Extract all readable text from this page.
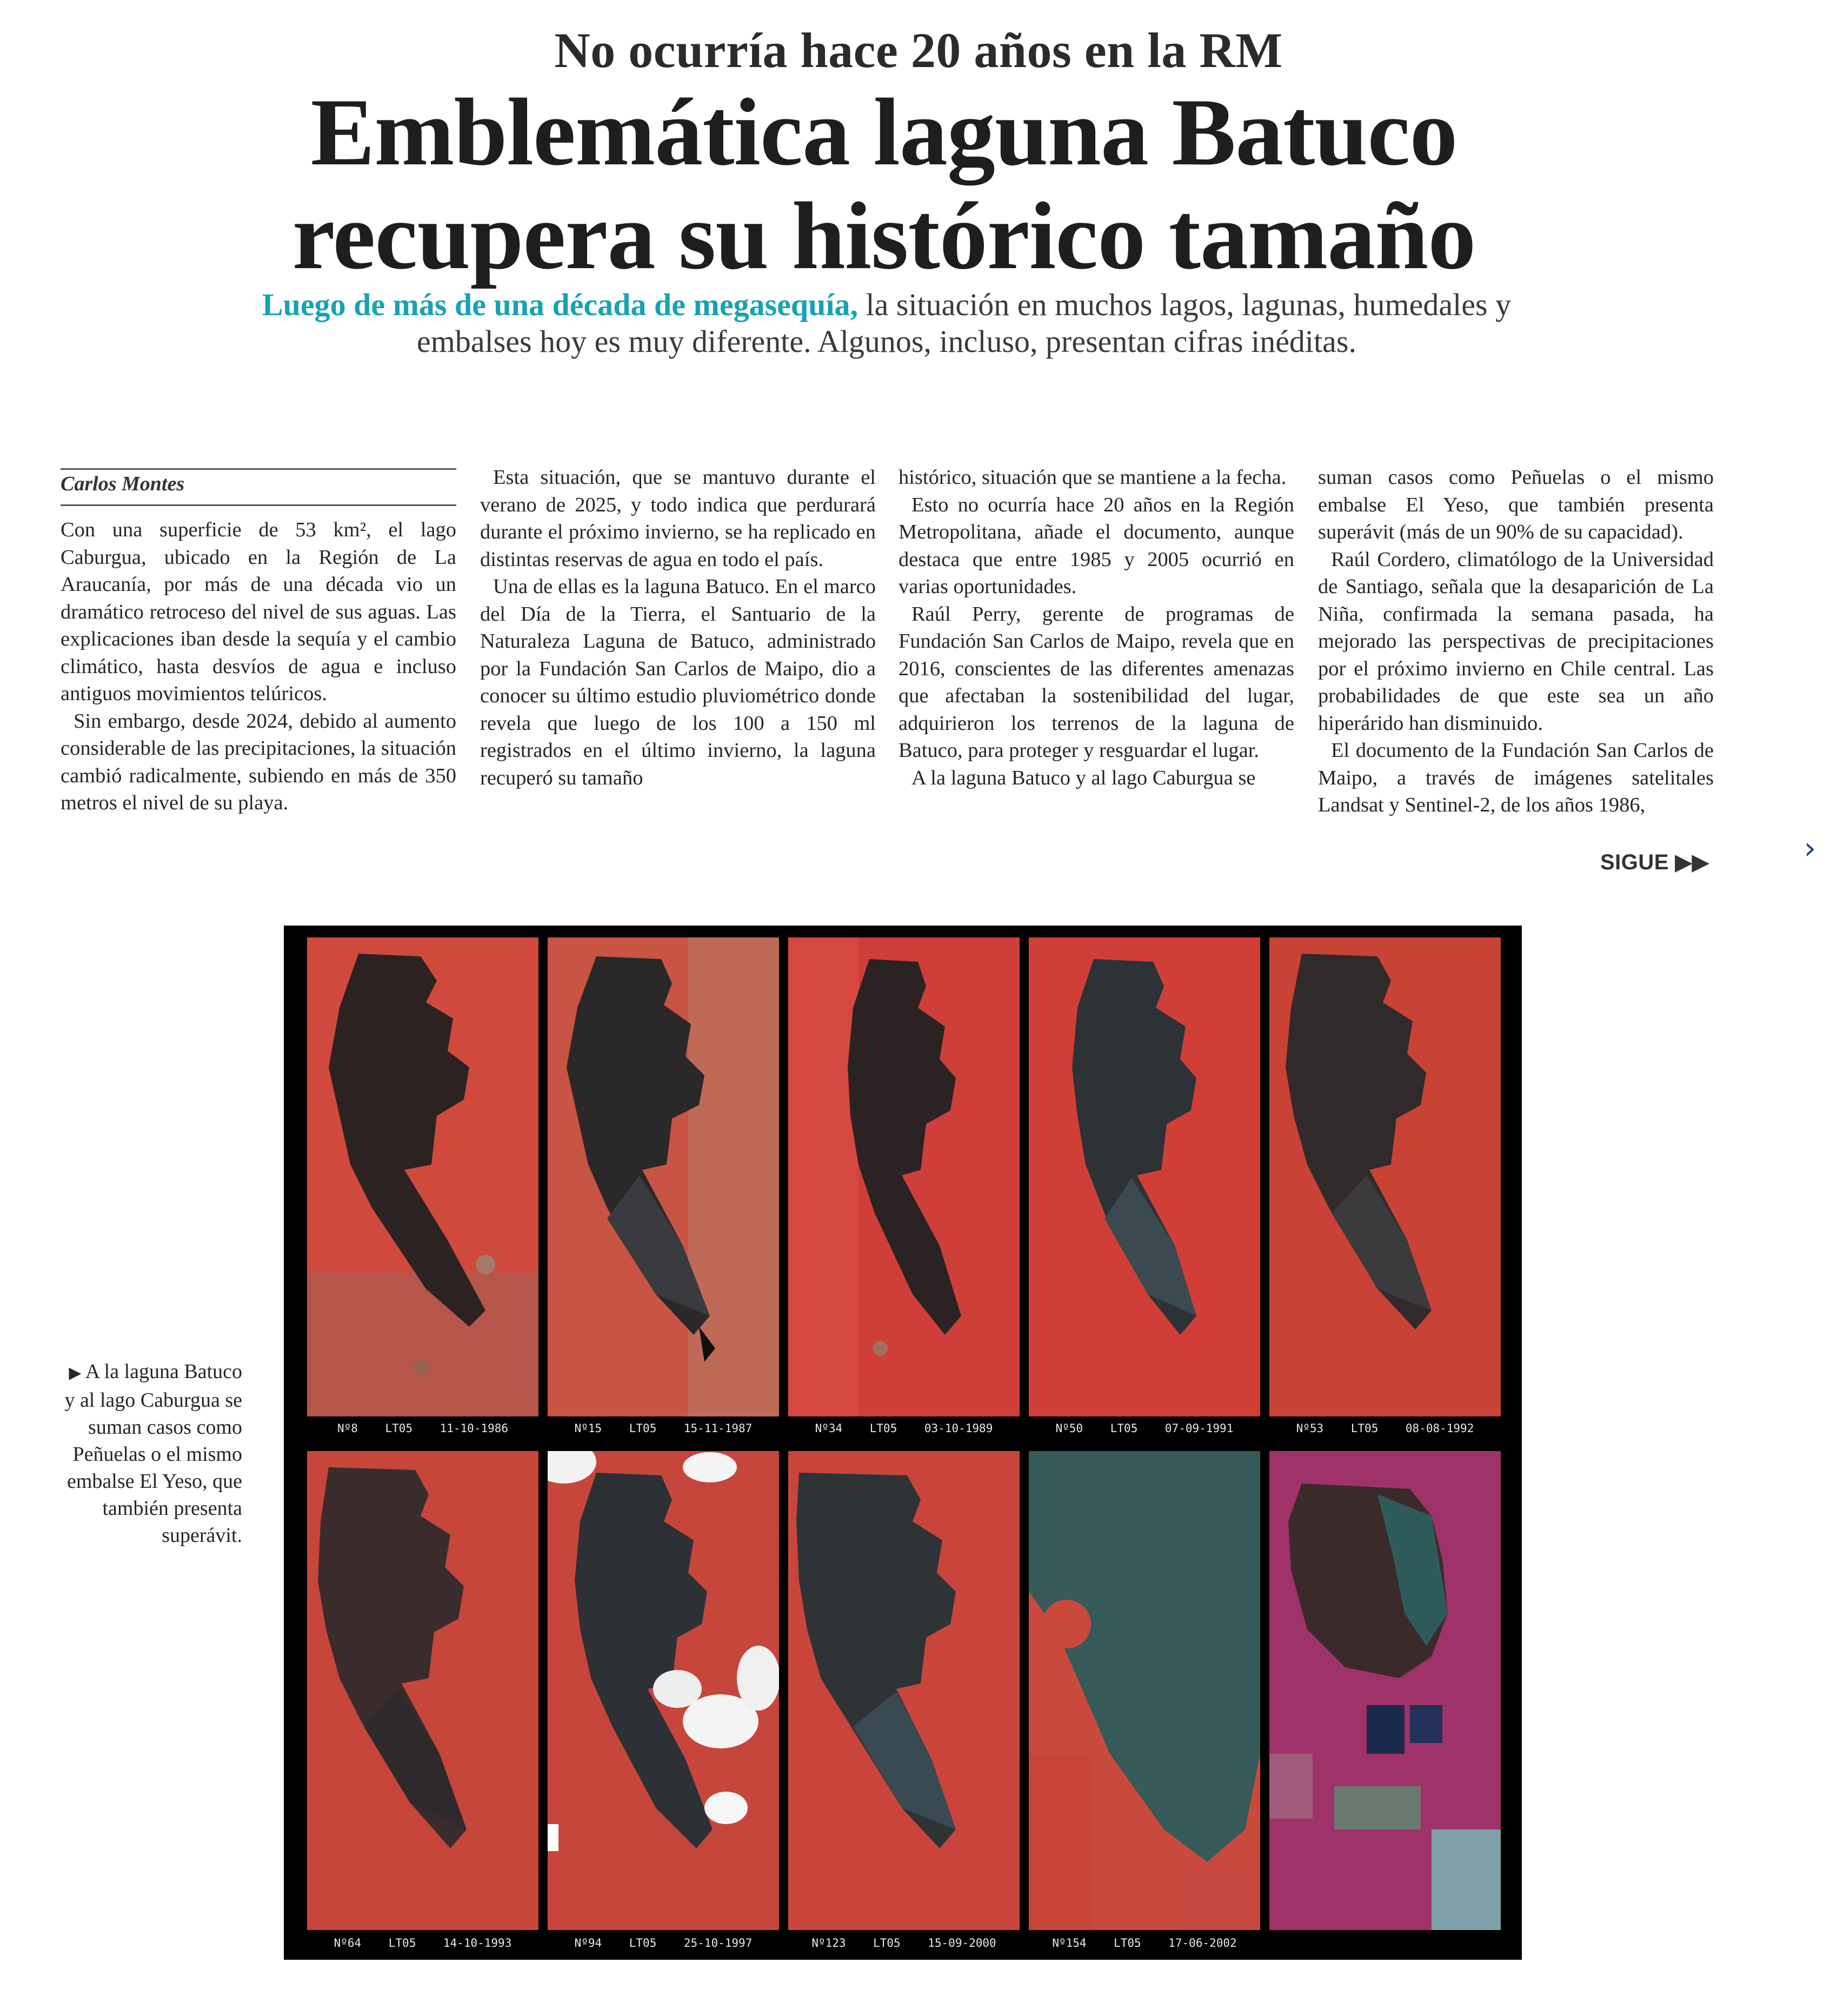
No ocurría hace 20 años en la RM
Emblemática laguna Batuco
recupera su histórico tamaño
Luego de más de una década de megasequía, la situación en muchos lagos, lagunas, humedales y embalses hoy es muy diferente. Algunos, incluso, presentan cifras inéditas.
Carlos Montes

Con una superficie de 53 km², el lago Caburgua, ubicado en la Región de La Araucanía, por más de una década vio un dramático retroceso del nivel de sus aguas. Las explicaciones iban desde la sequía y el cambio climático, hasta desvíos de agua e incluso antiguos movimientos telúricos.

Sin embargo, desde 2024, debido al aumento considerable de las precipitaciones, la situación cambió radicalmente, subiendo en más de 350 metros el nivel de su playa.

Esta situación, que se mantuvo durante el verano de 2025, y todo indica que perdurará durante el próximo invierno, se ha replicado en distintas reservas de agua en todo el país.

Una de ellas es la laguna Batuco. En el marco del Día de la Tierra, el Santuario de la Naturaleza Laguna de Batuco, administrado por la Fundación San Carlos de Maipo, dio a conocer su último estudio pluviométrico donde revela que luego de los 100 a 150 ml registrados en el último invierno, la laguna recuperó su tamaño

histórico, situación que se mantiene a la fecha.

Esto no ocurría hace 20 años en la Región Metropolitana, añade el documento, aunque destaca que entre 1985 y 2005 ocurrió en varias oportunidades.

Raúl Perry, gerente de programas de Fundación San Carlos de Maipo, revela que en 2016, conscientes de las diferentes amenazas que afectaban la sostenibilidad del lugar, adquirieron los terrenos de la laguna de Batuco, para proteger y resguardar el lugar.

A la laguna Batuco y al lago Caburgua se

suman casos como Peñuelas o el mismo embalse El Yeso, que también presenta superávit (más de un 90% de su capacidad).

Raúl Cordero, climatólogo de la Universidad de Santiago, señala que la desaparición de La Niña, confirmada la semana pasada, ha mejorado las perspectivas de precipitaciones por el próximo invierno en Chile central. Las probabilidades de que este sea un año hiperárido han disminuido.

El documento de la Fundación San Carlos de Maipo, a través de imágenes satelitales Landsat y Sentinel-2, de los años 1986,

SIGUE ▶▶	›
▶ A la laguna Batuco y al lago Caburgua se suman casos como Peñuelas o el mismo embalse El Yeso, que también presenta superávit.
Nº8    LT05    11-10-1986	Nº15    LT05    15-11-1987	Nº34    LT05    03-10-1989	Nº50    LT05    07-09-1991	Nº53    LT05    08-08-1992
Nº64    LT05    14-10-1993	Nº94    LT05    25-10-1997	Nº123    LT05    15-09-2000	Nº154    LT05    17-06-2002
